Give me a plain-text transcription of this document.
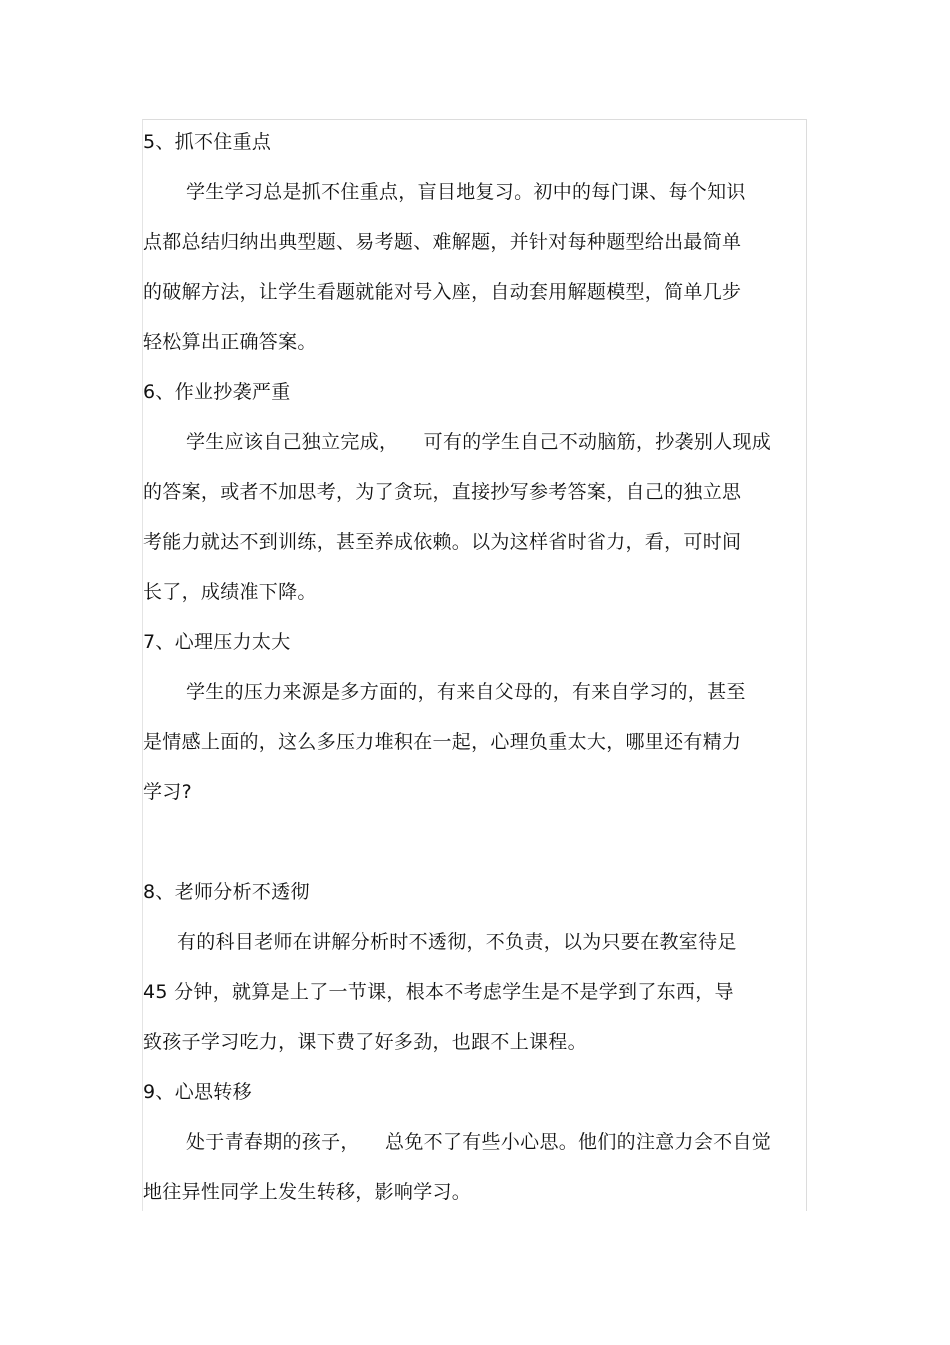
5、抓不住重点
学生学习总是抓不住重点，盲目地复习。初中的每门课、每个知识
点都总结归纳出典型题、易考题、难解题，并针对每种题型给出最简单
的破解方法，让学生看题就能对号入座，自动套用解题模型，简单几步
轻松算出正确答案。
6、作业抄袭严重
学生应该自己独立完成，    可有的学生自己不动脑筋，抄袭别人现成
的答案，或者不加思考，为了贪玩，直接抄写参考答案，自己的独立思
考能力就达不到训练，甚至养成依赖。以为这样省时省力，看，可时间
长了，成绩准下降。
7、心理压力太大
学生的压力来源是多方面的，有来自父母的，有来自学习的，甚至
是情感上面的，这么多压力堆积在一起，心理负重太大，哪里还有精力
学习?
8、老师分析不透彻
有的科目老师在讲解分析时不透彻，不负责，以为只要在教室待足
45 分钟，就算是上了一节课，根本不考虑学生是不是学到了东西，导
致孩子学习吃力，课下费了好多劲，也跟不上课程。
9、心思转移
处于青春期的孩子，    总免不了有些小心思。他们的注意力会不自觉
地往异性同学上发生转移，影响学习。
